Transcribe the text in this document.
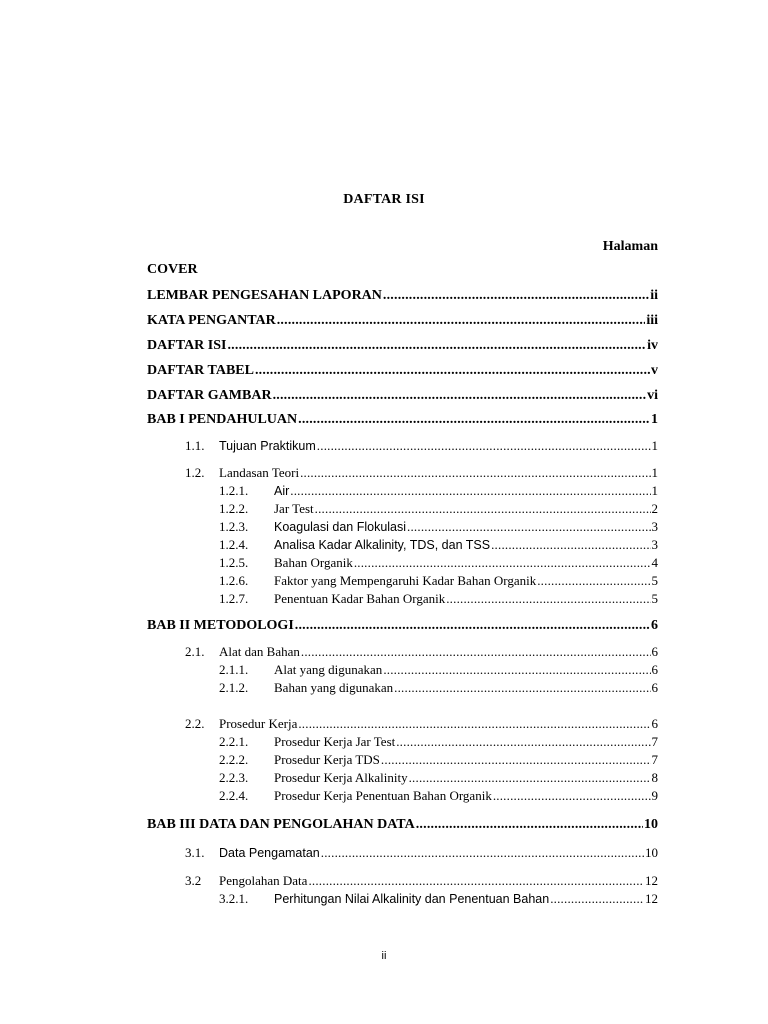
DAFTAR ISI
Halaman
COVER
LEMBAR PENGESAHAN LAPORAN .....	ii
KATA PENGANTAR .....	iii
DAFTAR ISI .....	iv
DAFTAR TABEL .....	v
DAFTAR GAMBAR .....	vi
BAB I PENDAHULUAN .....	1
1.1.	Tujuan Praktikum .....	1
1.2.	Landasan Teori .....	1
1.2.1.	Air .....	1
1.2.2.	Jar Test .....	2
1.2.3.	Koagulasi dan Flokulasi .....	3
1.2.4.	Analisa Kadar Alkalinity, TDS, dan TSS .....	3
1.2.5.	Bahan Organik .....	4
1.2.6.	Faktor yang Mempengaruhi Kadar Bahan Organik .....	5
1.2.7.	Penentuan Kadar Bahan Organik .....	5
BAB II METODOLOGI .....	6
2.1.	Alat dan Bahan .....	6
2.1.1.	Alat yang digunakan .....	6
2.1.2.	Bahan yang digunakan .....	6
2.2.	Prosedur Kerja .....	6
2.2.1.	Prosedur Kerja Jar Test .....	7
2.2.2.	Prosedur Kerja TDS .....	7
2.2.3.	Prosedur Kerja Alkalinity .....	8
2.2.4.	Prosedur Kerja Penentuan Bahan Organik .....	9
BAB III DATA DAN PENGOLAHAN DATA .....	10
3.1.	Data Pengamatan .....	10
3.2	Pengolahan Data .....	12
3.2.1.	Perhitungan Nilai Alkalinity dan Penentuan Bahan .....	12
ii
